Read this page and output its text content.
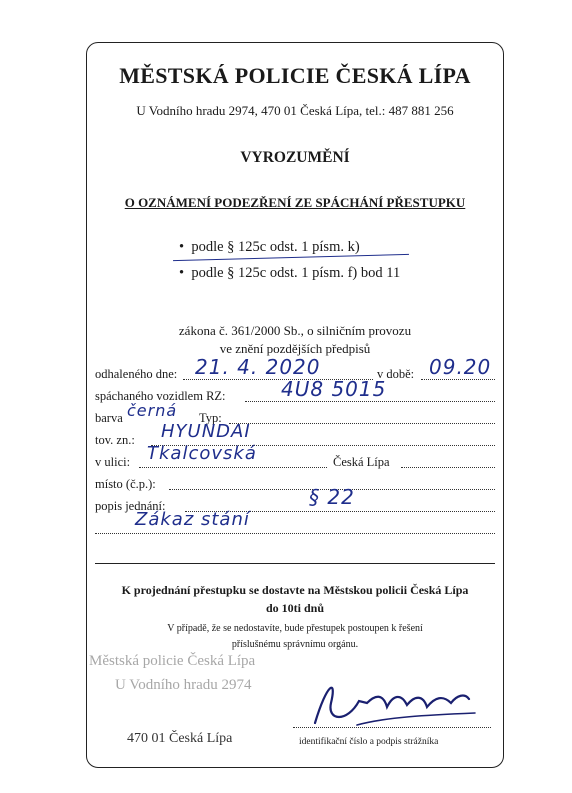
MĚSTSKÁ POLICIE ČESKÁ LÍPA
U Vodního hradu 2974, 470 01 Česká Lípa, tel.: 487 881 256
VYROZUMĚNÍ
O OZNÁMENÍ PODEZŘENÍ ZE SPÁCHÁNÍ PŘESTUPKU
•  podle § 125c odst. 1 písm. k)
•  podle § 125c odst. 1 písm. f) bod 11
zákona č. 361/2000 Sb., o silničním provozu
ve znění pozdějších předpisů
odhaleného dne: 21. 4. 2020	v době: 09.20
spáchaného vozidlem RZ:	4U8 5015
barva černá Typ:
tov. zn.: HYUNDAI
v ulici: Tkalcovská	Česká Lípa
místo (č.p.):
popis jednání:	§ 22
Zákaz stání
K projednání přestupku se dostavte na Městskou policii Česká Lípa
do 10ti dnů
V případě, že se nedostavíte, bude přestupek postoupen k řešení
příslušnému správnímu orgánu.
Městská policie Česká Lípa
U Vodního hradu 2974
470 01 Česká Lípa	identifikační číslo a podpis strážníka
